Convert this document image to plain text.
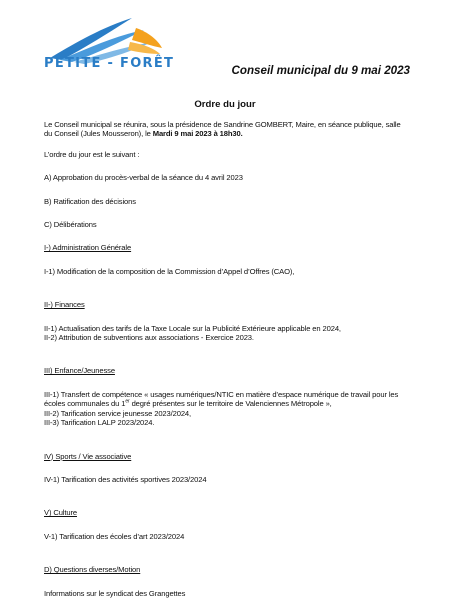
PETITE - FORÊT	Conseil municipal du 9 mai 2023
Ordre du jour

Le Conseil municipal se réunira, sous la présidence de Sandrine GOMBERT, Maire, en séance publique, salle du Conseil (Jules Mousseron), le Mardi 9 mai 2023 à 18h30.

L’ordre du jour est le suivant :

A) Approbation du procès-verbal de la séance du 4 avril 2023

B) Ratification des décisions

C) Délibérations

I-) Administration Générale

I-1) Modification de la composition de la Commission d’Appel d’Offres (CAO),

II-) Finances

II-1) Actualisation des tarifs de la Taxe Locale sur la Publicité Extérieure applicable en 2024,

II-2) Attribution de subventions aux associations - Exercice 2023.

III) Enfance/Jeunesse

III-1) Transfert de compétence « usages numériques/NTIC en matière d’espace numérique de travail pour les écoles communales du 1er degré présentes sur le territoire de Valenciennes Métropole »,

III-2) Tarification service jeunesse 2023/2024,

III-3) Tarification LALP 2023/2024.

IV) Sports / Vie associative

IV-1) Tarification des activités sportives 2023/2024

V) Culture

V-1) Tarification des écoles d’art 2023/2024

D) Questions diverses/Motion

Informations sur le syndicat des Grangettes
